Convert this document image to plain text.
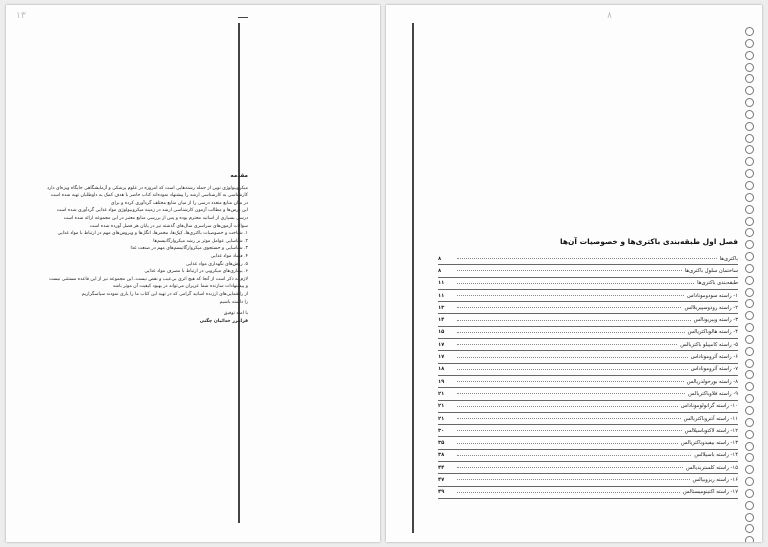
١٣
مقدمه

میکروبیولوژی نوین از جمله رشته‌هایی است که امروزه در علوم پزشکی و آزمایشگاهی جایگاه ویژه‌ای دارد

کارشناسی به کارشناسی ارشد را پیشنهاد نموده‌اند کتاب حاضر با هدف کمک به داوطلبان تهیه شده است

در میان منابع متعدد درسی را از میان منابع مختلف گردآوری کرده و برای

این درس‌ها و مطالب آزمون کارشناسی ارشد در زمینه میکروبیولوژی مواد غذایی گردآوری شده است

درسی بسیاری از اساتید محترم بوده و پس از بررسی منابع معتبر در این مجموعه ارائه شده است

سوالات آزمون‌های سراسری سال‌های گذشته نیز در پایان هر فصل آورده شده است

۱. شناخت و خصوصیات باکتری‌ها، کپک‌ها، مخمرها، انگل‌ها و ویروس‌های مهم در ارتباط با مواد غذایی

۲. شناسایی عوامل موثر بر رشد میکروارگانیسم‌ها

۳. شناسایی و جستجوی میکروارگانیسم‌های مهم در صنعت غذا

۴. فساد مواد غذایی

۵. روش‌های نگهداری مواد غذایی

۶. بیماری‌های میکروبی در ارتباط با مصرف مواد غذایی

لازم به ذکر است از آنجا که هیچ اثری بی‌عیب و نقص نیست، این مجموعه نیز از این قاعده مستثنی نیست

و پیشنهادات سازنده شما عزیزان می‌تواند در بهبود کیفیت آن موثر باشد

از راهنمایی‌های ارزنده اساتید گرامی که در تهیه این کتاب ما را یاری نمودند سپاسگزاریم

را داشته باشیم

با امید توفیق

فرامرز خدائیان چگنی
۸
فصل اول طبقه‌بندی باکتری‌ها و خصوصیات آن‌ها
باکتری‌ها
۸
ساختمان سلول باکتری‌ها
۸
طبقه‌بندی باکتری‌ها
۱۱
۱- راسته سودوموناداس
۱۱
۲- راسته رودوسپیریلالس
۱۳
۳- راسته ویبریونالس
۱۴
۴- راسته هالوباکتریالس
۱۵
۵- راسته کامپیلو باکتریالس
۱۷
۶- راسته آئروموناداس
۱۷
۷- راسته آئروموناداس
۱۸
۸- راسته بورخولدریالس
۱۹
۹- راسته فلاوباکتریالس
۲۱
۱۰- راسته گرانولوموناداس
۲۱
۱۱- راسته آنتروباکتریالس
۲۱
۱۲- راسته لاکتوباسیلالس
۳۰
۱۳- راسته بیفیدوباکتریالس
۳۵
۱۴- راسته باسیلالس
۳۸
۱۵- راسته کلستریدیالس
۴۴
۱۶- راسته ریزوبیالس
۴۷
۱۷- راسته اکتینومیستالس
۴۹
